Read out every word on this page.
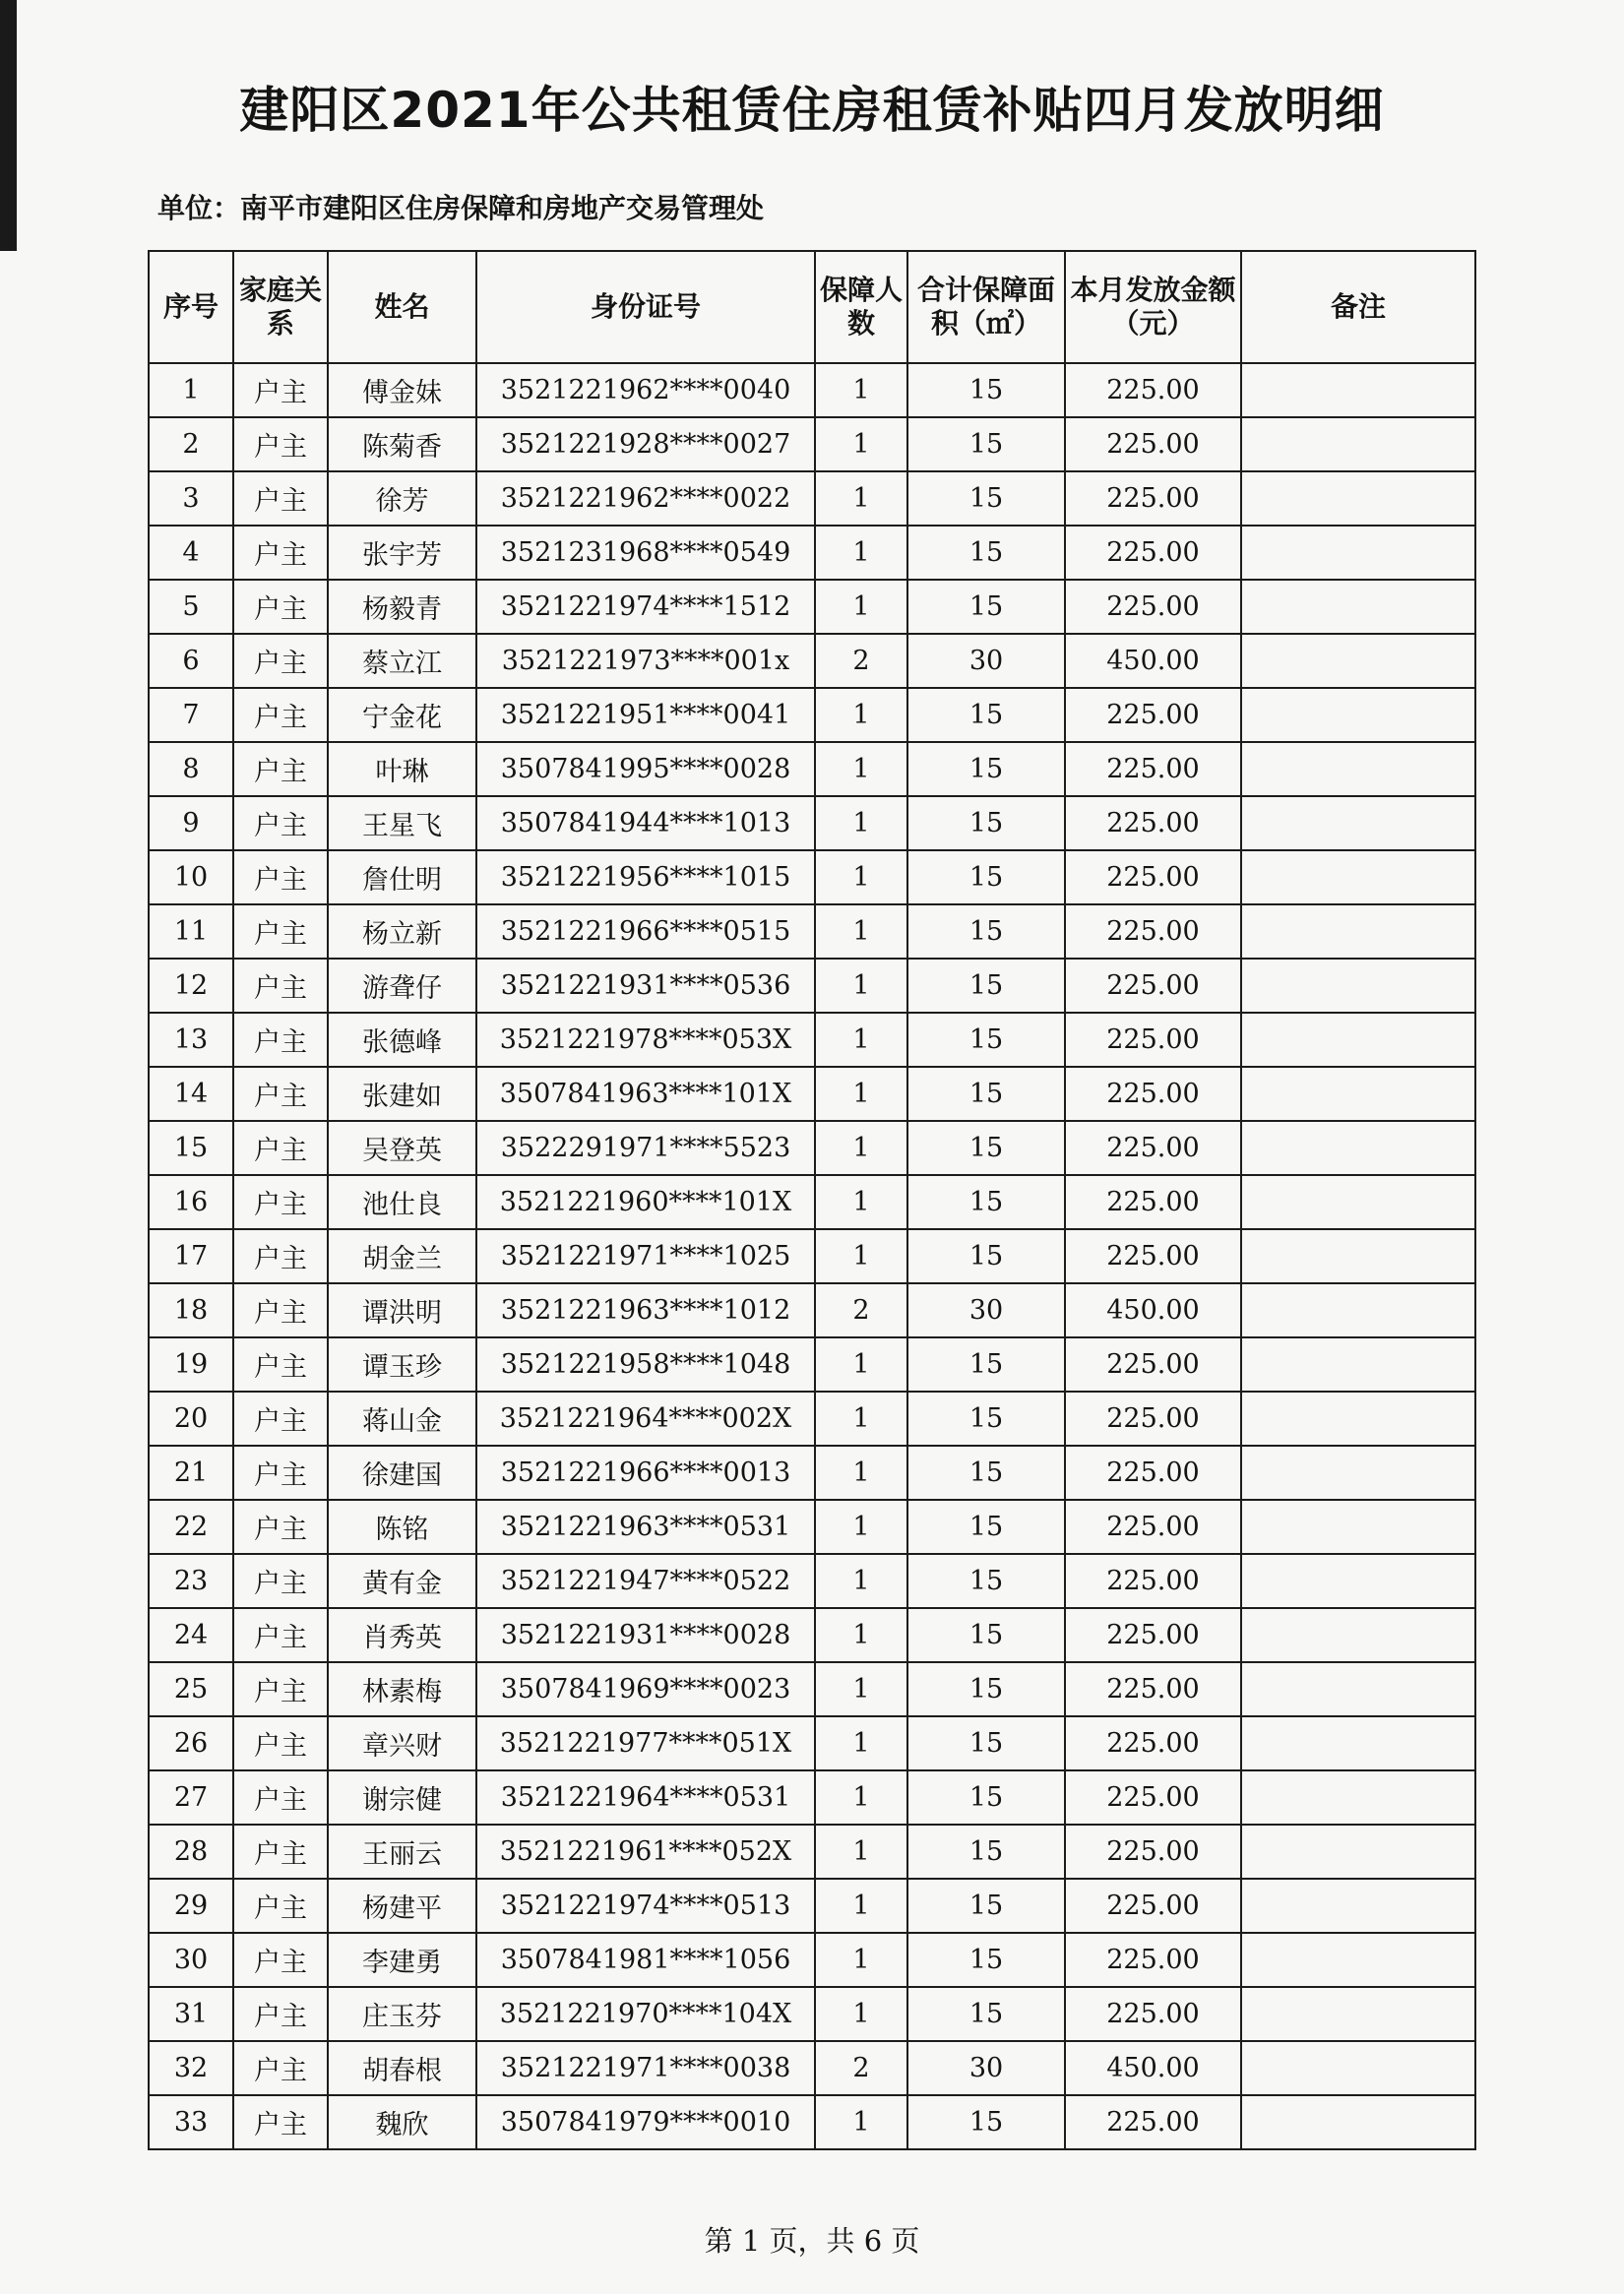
建阳区2021年公共租赁住房租赁补贴四月发放明细
单位：南平市建阳区住房保障和房地产交易管理处
序号	家庭关系	姓名	身份证号	保障人数	合计保障面积（㎡）	本月发放金额（元）	备注
1	户主	傅金妹	3521221962****0040	1	15	225.00	
2	户主	陈菊香	3521221928****0027	1	15	225.00	
3	户主	徐芳	3521221962****0022	1	15	225.00	
4	户主	张宇芳	3521231968****0549	1	15	225.00	
5	户主	杨毅青	3521221974****1512	1	15	225.00	
6	户主	蔡立江	3521221973****001x	2	30	450.00	
7	户主	宁金花	3521221951****0041	1	15	225.00	
8	户主	叶琳	3507841995****0028	1	15	225.00	
9	户主	王星飞	3507841944****1013	1	15	225.00	
10	户主	詹仕明	3521221956****1015	1	15	225.00	
11	户主	杨立新	3521221966****0515	1	15	225.00	
12	户主	游聋仔	3521221931****0536	1	15	225.00	
13	户主	张德峰	3521221978****053X	1	15	225.00	
14	户主	张建如	3507841963****101X	1	15	225.00	
15	户主	吴登英	3522291971****5523	1	15	225.00	
16	户主	池仕良	3521221960****101X	1	15	225.00	
17	户主	胡金兰	3521221971****1025	1	15	225.00	
18	户主	谭洪明	3521221963****1012	2	30	450.00	
19	户主	谭玉珍	3521221958****1048	1	15	225.00	
20	户主	蒋山金	3521221964****002X	1	15	225.00	
21	户主	徐建国	3521221966****0013	1	15	225.00	
22	户主	陈铭	3521221963****0531	1	15	225.00	
23	户主	黄有金	3521221947****0522	1	15	225.00	
24	户主	肖秀英	3521221931****0028	1	15	225.00	
25	户主	林素梅	3507841969****0023	1	15	225.00	
26	户主	章兴财	3521221977****051X	1	15	225.00	
27	户主	谢宗健	3521221964****0531	1	15	225.00	
28	户主	王丽云	3521221961****052X	1	15	225.00	
29	户主	杨建平	3521221974****0513	1	15	225.00	
30	户主	李建勇	3507841981****1056	1	15	225.00	
31	户主	庄玉芬	3521221970****104X	1	15	225.00	
32	户主	胡春根	3521221971****0038	2	30	450.00	
33	户主	魏欣	3507841979****0010	1	15	225.00	
第 1 页，共 6 页
